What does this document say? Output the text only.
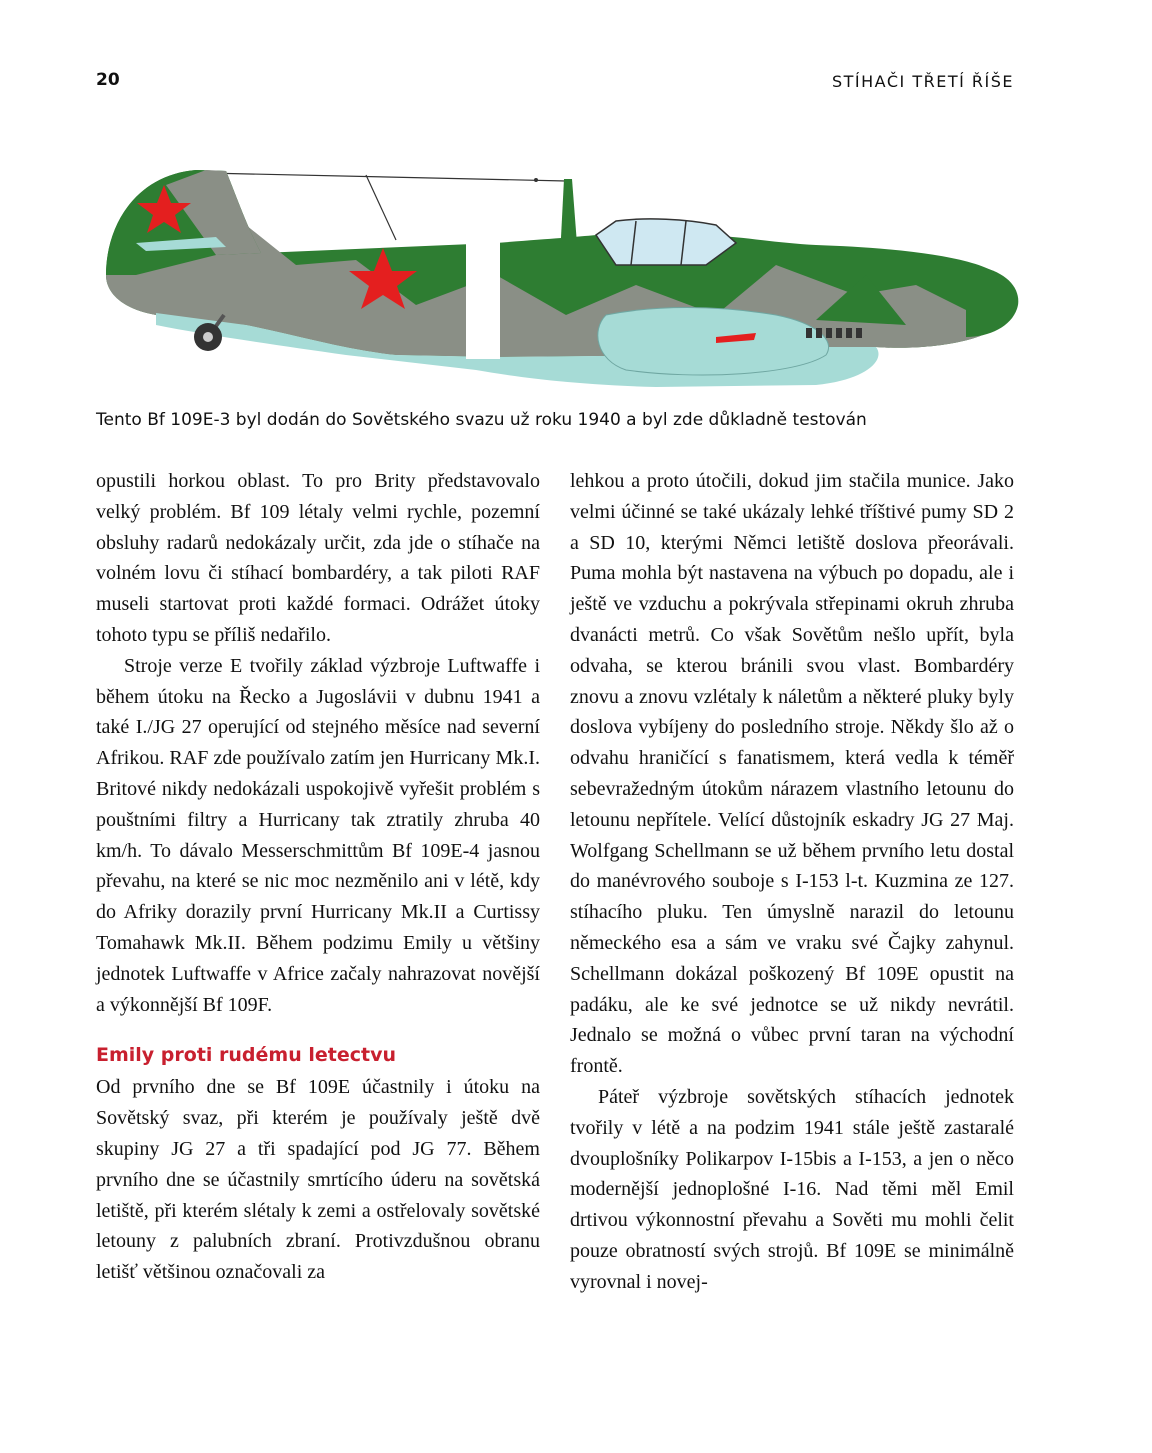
20	STÍHAČI TŘETÍ ŘÍŠE
Tento Bf 109E-3 byl dodán do Sovětského svazu už roku 1940 a byl zde důkladně testován

opustili horkou oblast. To pro Brity představovalo velký problém. Bf 109 létaly velmi rychle, pozemní obsluhy radarů nedokázaly určit, zda jde o stíhače na volném lovu či stíhací bombardéry, a tak piloti RAF museli startovat proti každé formaci. Odrážet útoky tohoto typu se příliš nedařilo.

Stroje verze E tvořily základ výzbroje Luftwaffe i během útoku na Řecko a Jugoslávii v dubnu 1941 a také I./JG 27 operující od stejného měsíce nad severní Afrikou. RAF zde používalo zatím jen Hurricany Mk.I. Britové nikdy nedokázali uspokojivě vyřešit problém s pouštními filtry a Hurricany tak ztratily zhruba 40 km/h. To dávalo Messerschmittům Bf 109E-4 jasnou převahu, na které se nic moc nezměnilo ani v létě, kdy do Afriky dorazily první Hurricany Mk.II a Curtissy Tomahawk Mk.II. Během podzimu Emily u většiny jednotek Luftwaffe v Africe začaly nahrazovat novější a výkonnější Bf 109F.

Emily proti rudému letectvu

Od prvního dne se Bf 109E účastnily i útoku na Sovětský svaz, při kterém je používaly ještě dvě skupiny JG 27 a tři spadající pod JG 77. Během prvního dne se účastnily smrtícího úderu na sovětská letiště, při kterém slétaly k zemi a ostřelovaly sovětské letouny z palubních zbraní. Protivzdušnou obranu letišť většinou označovali za

lehkou a proto útočili, dokud jim stačila munice. Jako velmi účinné se také ukázaly lehké tříštivé pumy SD 2 a SD 10, kterými Němci letiště doslova přeorávali. Puma mohla být nastavena na výbuch po dopadu, ale i ještě ve vzduchu a pokrývala střepinami okruh zhruba dvanácti metrů. Co však Sovětům nešlo upřít, byla odvaha, se kterou bránili svou vlast. Bombardéry znovu a znovu vzlétaly k náletům a některé pluky byly doslova vybíjeny do posledního stroje. Někdy šlo až o odvahu hraničící s fanatismem, která vedla k téměř sebevražedným útokům nárazem vlastního letounu do letounu nepřítele. Velící důstojník eskadry JG 27 Maj. Wolfgang Schellmann se už během prvního letu dostal do manévrového souboje s I-153 l-t. Kuzmina ze 127. stíhacího pluku. Ten úmyslně narazil do letounu německého esa a sám ve vraku své Čajky zahynul. Schellmann dokázal poškozený Bf 109E opustit na padáku, ale ke své jednotce se už nikdy nevrátil. Jednalo se možná o vůbec první taran na východní frontě.

Páteř výzbroje sovětských stíhacích jednotek tvořily v létě a na podzim 1941 stále ještě zastaralé dvouplošníky Polikarpov I-15bis a I-153, a jen o něco modernější jednoplošné I-16. Nad těmi měl Emil drtivou výkonnostní převahu a Sověti mu mohli čelit pouze obratností svých strojů. Bf 109E se minimálně vyrovnal i novej-
